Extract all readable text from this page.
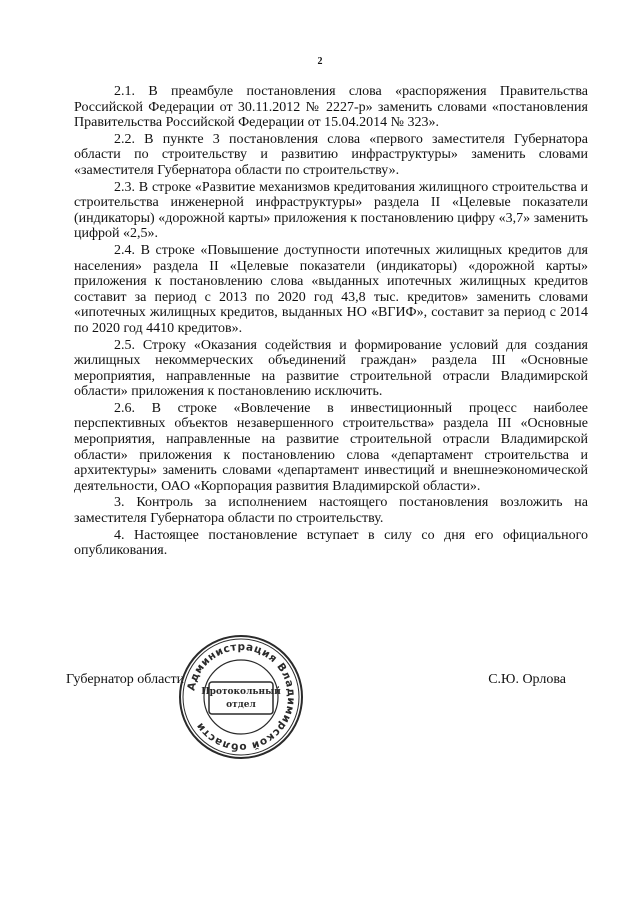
2

2.1. В преамбуле постановления слова «распоряжения Правительства Российской Федерации от 30.11.2012 № 2227-р» заменить словами «постановления Правительства Российской Федерации от 15.04.2014 № 323».

2.2. В пункте 3 постановления слова «первого заместителя Губернатора области по строительству и развитию инфраструктуры» заменить словами «заместителя Губернатора области по строительству».

2.3. В строке «Развитие механизмов кредитования жилищного строительства и строительства инженерной инфраструктуры» раздела II «Целевые показатели (индикаторы) «дорожной карты» приложения к постановлению цифру «3,7» заменить цифрой «2,5».

2.4. В строке «Повышение доступности ипотечных жилищных кредитов для населения» раздела II «Целевые показатели (индикаторы) «дорожной карты» приложения к постановлению слова «выданных ипотечных жилищных кредитов составит за период с 2013 по 2020 год 43,8 тыс. кредитов» заменить словами «ипотечных жилищных кредитов, выданных НО «ВГИФ», составит за период с 2014 по 2020 год 4410 кредитов».

2.5. Строку «Оказания содействия и формирование условий для создания жилищных некоммерческих объединений граждан» раздела III «Основные мероприятия, направленные на развитие строительной отрасли Владимирской области» приложения к постановлению исключить.

2.6. В строке «Вовлечение в инвестиционный процесс наиболее перспективных объектов незавершенного строительства» раздела III «Основные мероприятия, направленные на развитие строительной отрасли Владимирской области» приложения к постановлению слова «департамент строительства и архитектуры» заменить словами «департамент инвестиций и внешнеэкономической деятельности, ОАО «Корпорация развития Владимирской области».

3. Контроль за исполнением настоящего постановления возложить на заместителя Губернатора области по строительству.

4. Настоящее постановление вступает в силу со дня его официального опубликования.

Губернатор области	С.Ю. Орлова
Администрация Владимирской области
Протокольный
отдел
